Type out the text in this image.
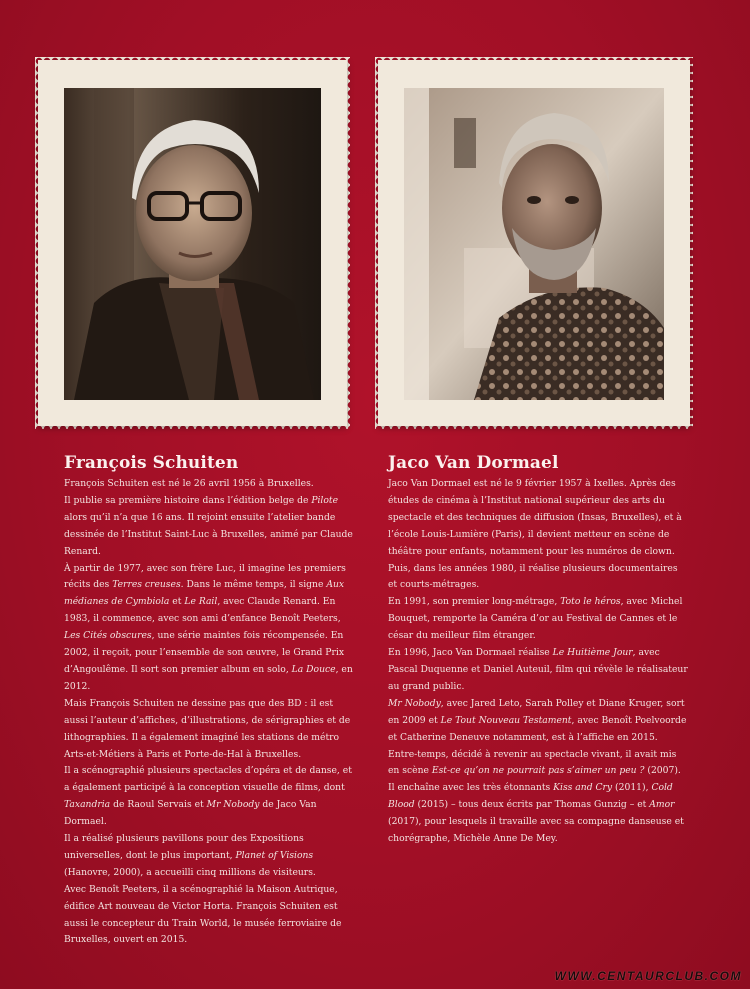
François Schuiten

François Schuiten est né le 26 avril 1956 à Bruxelles.

Il publie sa première histoire dans l’édition belge de Pilote alors qu’il n’a que 16 ans. Il rejoint ensuite l’atelier bande dessinée de l’Institut Saint-Luc à Bruxelles, animé par Claude Renard.

À partir de 1977, avec son frère Luc, il imagine les premiers récits des Terres creuses. Dans le même temps, il signe Aux médianes de Cymbiola et Le Rail, avec Claude Renard. En 1983, il commence, avec son ami d’enfance Benoît Peeters, Les Cités obscures, une série maintes fois récompensée. En 2002, il reçoit, pour l’ensemble de son œuvre, le Grand Prix d’Angoulême. Il sort son premier album en solo, La Douce, en 2012.

Mais François Schuiten ne dessine pas que des BD : il est aussi l’auteur d’affiches, d’illustrations, de sérigraphies et de lithographies. Il a également imaginé les stations de métro Arts-et-Métiers à Paris et Porte-de-Hal à Bruxelles.

Il a scénographié plusieurs spectacles d’opéra et de danse, et a également participé à la conception visuelle de films, dont Taxandria de Raoul Servais et Mr Nobody de Jaco Van Dormael.

Il a réalisé plusieurs pavillons pour des Expositions universelles, dont le plus important, Planet of Visions (Hanovre, 2000), a accueilli cinq millions de visiteurs.

Avec Benoît Peeters, il a scénographié la Maison Autrique, édifice Art nouveau de Victor Horta. François Schuiten est aussi le concepteur du Train World, le musée ferroviaire de Bruxelles, ouvert en 2015.

Jaco Van Dormael

Jaco Van Dormael est né le 9 février 1957 à Ixelles. Après des études de cinéma à l’Institut national supérieur des arts du spectacle et des techniques de diffusion (Insas, Bruxelles), et à l’école Louis-Lumière (Paris), il devient metteur en scène de théâtre pour enfants, notamment pour les numéros de clown. Puis, dans les années 1980, il réalise plusieurs documentaires et courts-métrages.

En 1991, son premier long-métrage, Toto le héros, avec Michel Bouquet, remporte la Caméra d’or au Festival de Cannes et le césar du meilleur film étranger.

En 1996, Jaco Van Dormael réalise Le Huitième Jour, avec Pascal Duquenne et Daniel Auteuil, film qui révèle le réalisateur au grand public.

Mr Nobody, avec Jared Leto, Sarah Polley et Diane Kruger, sort en 2009 et Le Tout Nouveau Testament, avec Benoît Poelvoorde et Catherine Deneuve notamment, est à l’affiche en 2015.

Entre-temps, décidé à revenir au spectacle vivant, il avait mis en scène Est-ce qu’on ne pourrait pas s’aimer un peu ? (2007). Il enchaîne avec les très étonnants Kiss and Cry (2011), Cold Blood (2015) – tous deux écrits par Thomas Gunzig – et Amor (2017), pour lesquels il travaille avec sa compagne danseuse et chorégraphe, Michèle Anne De Mey.

WWW.CENTAURCLUB.COM
